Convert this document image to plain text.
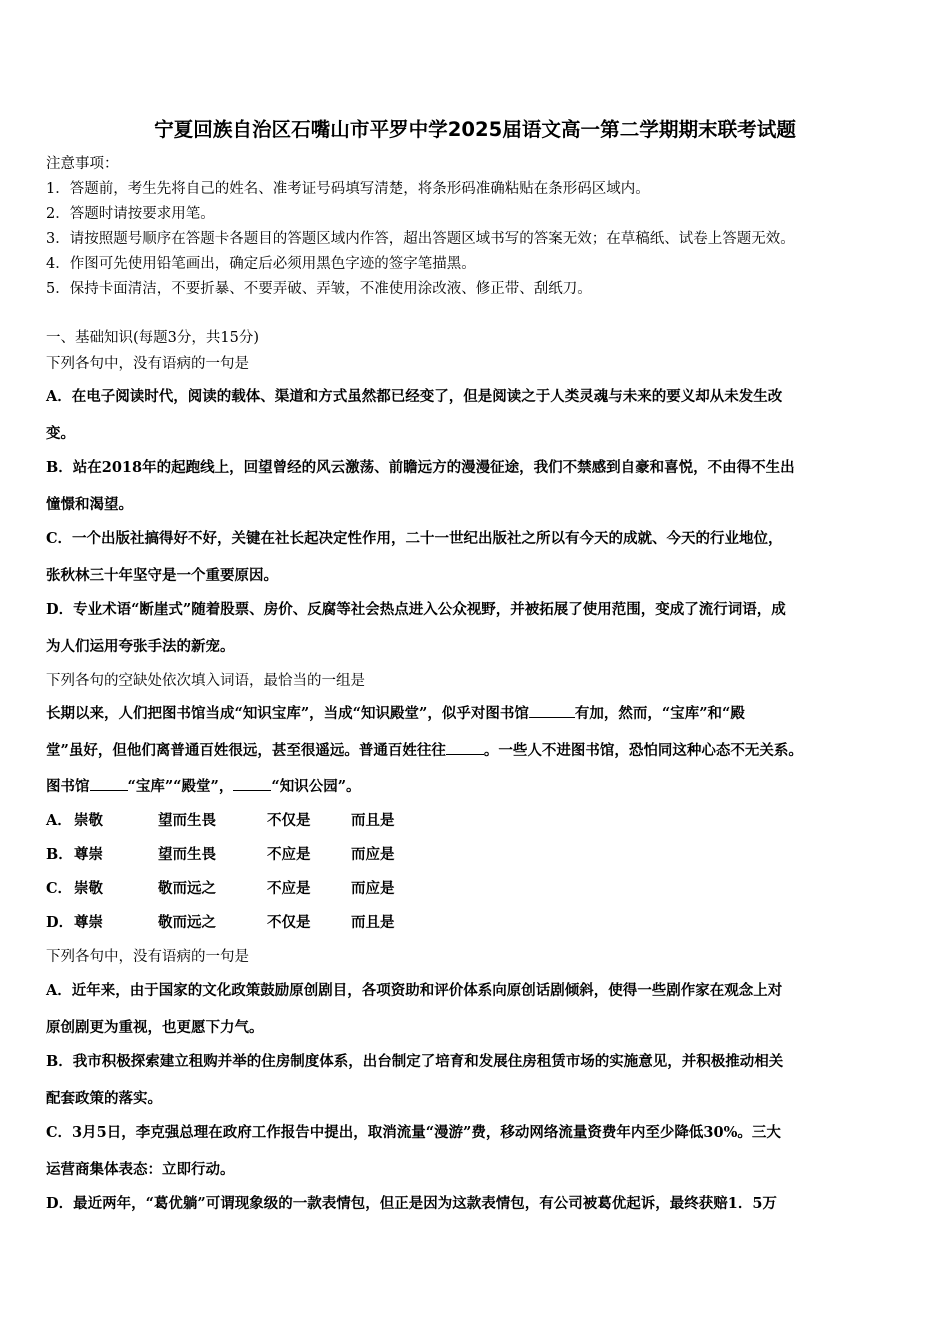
宁夏回族自治区石嘴山市平罗中学2025届语文高一第二学期期末联考试题
注意事项：
1．答题前，考生先将自己的姓名、准考证号码填写清楚，将条形码准确粘贴在条形码区域内。
2．答题时请按要求用笔。
3．请按照题号顺序在答题卡各题目的答题区域内作答，超出答题区域书写的答案无效；在草稿纸、试卷上答题无效。
4．作图可先使用铅笔画出，确定后必须用黑色字迹的签字笔描黑。
5．保持卡面清洁，不要折暴、不要弄破、弄皱，不准使用涂改液、修正带、刮纸刀。
一、基础知识(每题3分，共15分)
下列各句中，没有语病的一句是
A．在电子阅读时代，阅读的载体、渠道和方式虽然都已经变了，但是阅读之于人类灵魂与未来的要义却从未发生改
变。
B．站在2018年的起跑线上，回望曾经的风云激荡、前瞻远方的漫漫征途，我们不禁感到自豪和喜悦，不由得不生出
憧憬和渴望。
C．一个出版社搞得好不好，关键在社长起决定性作用，二十一世纪出版社之所以有今天的成就、今天的行业地位，
张秋林三十年坚守是一个重要原因。
D．专业术语“断崖式”随着股票、房价、反腐等社会热点进入公众视野，并被拓展了使用范围，变成了流行词语，成
为人们运用夸张手法的新宠。
下列各句的空缺处依次填入词语，最恰当的一组是
长期以来，人们把图书馆当成“知识宝库”，当成“知识殿堂”，似乎对图书馆	有加，然而，“宝库”和“殿
堂”虽好，但他们离普通百姓很远，甚至很遥远。普通百姓往往	。一些人不进图书馆，恐怕同这种心态不无关系。
图书馆	“宝库”“殿堂”，	“知识公园”。
A． 崇敬	望而生畏	不仅是	而且是
B． 尊崇	望而生畏	不应是	而应是
C． 崇敬	敬而远之	不应是	而应是
D． 尊崇	敬而远之	不仅是	而且是
下列各句中，没有语病的一句是
A．近年来，由于国家的文化政策鼓励原创剧目，各项资助和评价体系向原创话剧倾斜，使得一些剧作家在观念上对
原创剧更为重视，也更愿下力气。
B．我市积极探索建立租购并举的住房制度体系，出台制定了培育和发展住房租赁市场的实施意见，并积极推动相关
配套政策的落实。
C．3月5日，李克强总理在政府工作报告中提出，取消流量“漫游”费，移动网络流量资费年内至少降低30%。三大
运营商集体表态：立即行动。
D．最近两年，“葛优躺”可谓现象级的一款表情包，但正是因为这款表情包，有公司被葛优起诉，最终获赔1．5万
